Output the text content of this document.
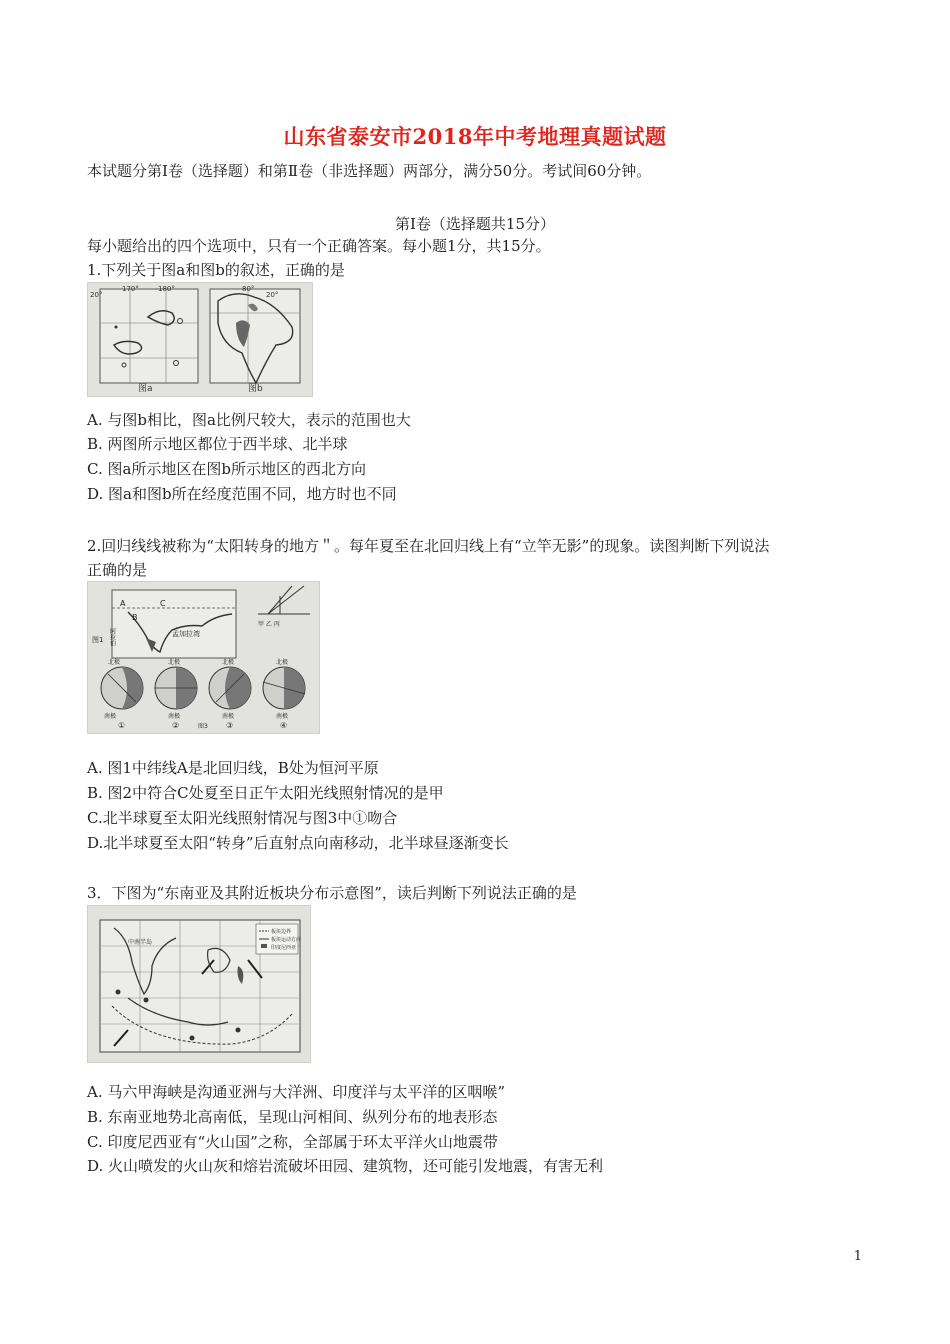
山东省泰安市2018年中考地理真题试题
本试题分第Ⅰ卷（选择题）和第Ⅱ卷（非选择题）两部分，满分50分。考试间60分钟。
第Ⅰ卷（选择题共15分）
每小题给出的四个选项中，只有一个正确答案。每小题1分，共15分。
1.下列关于图a和图b的叙述，正确的是
20°
170°	180°
图a
20°
80°
图b
A. 与图b相比，图a比例尺较大，表示的范围也大
B. 两图所示地区都位于西半球、北半球
C. 图a所示地区在图b所示地区的西北方向
D. 图a和图b所在经度范围不同，地方时也不同
2.回归线线被称为“太阳转身的地方＂。每年夏至在北回归线上有“立竿无影”的现象。读图判断下列说法
正确的是
A
B
C
孟加拉湾
阿拉伯
图1
甲 乙 丙
北极	北极	北极	北极
南极	南极	南极	南极
①	②	③	④
图3
A. 图1中纬线A是北回归线，B处为恒河平原
B. 图2中符合C处夏至日正午太阳光线照射情况的是甲
C.北半球夏至太阳光线照射情况与图3中①吻合
D.北半球夏至太阳“转身”后直射点向南移动，北半球昼逐渐变长
3．下图为“东南亚及其附近板块分布示意图”，读后判断下列说法正确的是
中南半岛
板块边界
板块运动方向
印度尼西亚
A. 马六甲海峡是沟通亚洲与大洋洲、印度洋与太平洋的区咽喉”
B. 东南亚地势北高南低，呈现山河相间、纵列分布的地表形态
C. 印度尼西亚有“火山国”之称，全部属于环太平洋火山地震带
D. 火山喷发的火山灰和熔岩流破坏田园、建筑物，还可能引发地震，有害无利
1
